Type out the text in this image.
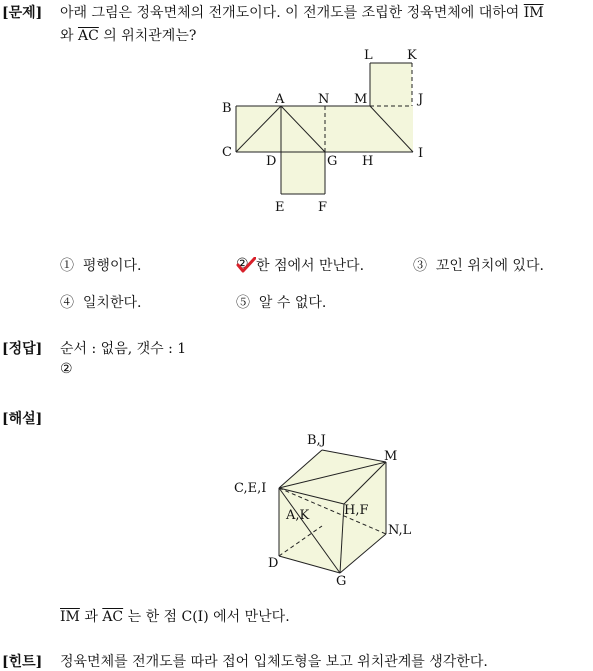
[문제] 아래 그림은 정육면체의 전개도이다. 이 전개도를 조립한 정육면체에 대하여 $\overline{IM}$
와 $\overline{AC}$ 의 위치관계는?
B
A	N M	J
L	K
C
D	G H
I
E	F
① 평행이다.	② 한 점에서 만난다.	③ 꼬인 위치에 있다.
④ 일치한다.	⑤ 알 수 없다.
[정답] 순서 : 없음, 갯수 : 1
②
[해설]
B,J
M
C,E,I
A,K	H,F
N,L
D
G
$\overline{IM}$ 과 $\overline{AC}$ 는 한 점 C(I) 에서 만난다.
[힌트] 정육면체를 전개도를 따라 접어 입체도형을 보고 위치관계를 생각한다.
